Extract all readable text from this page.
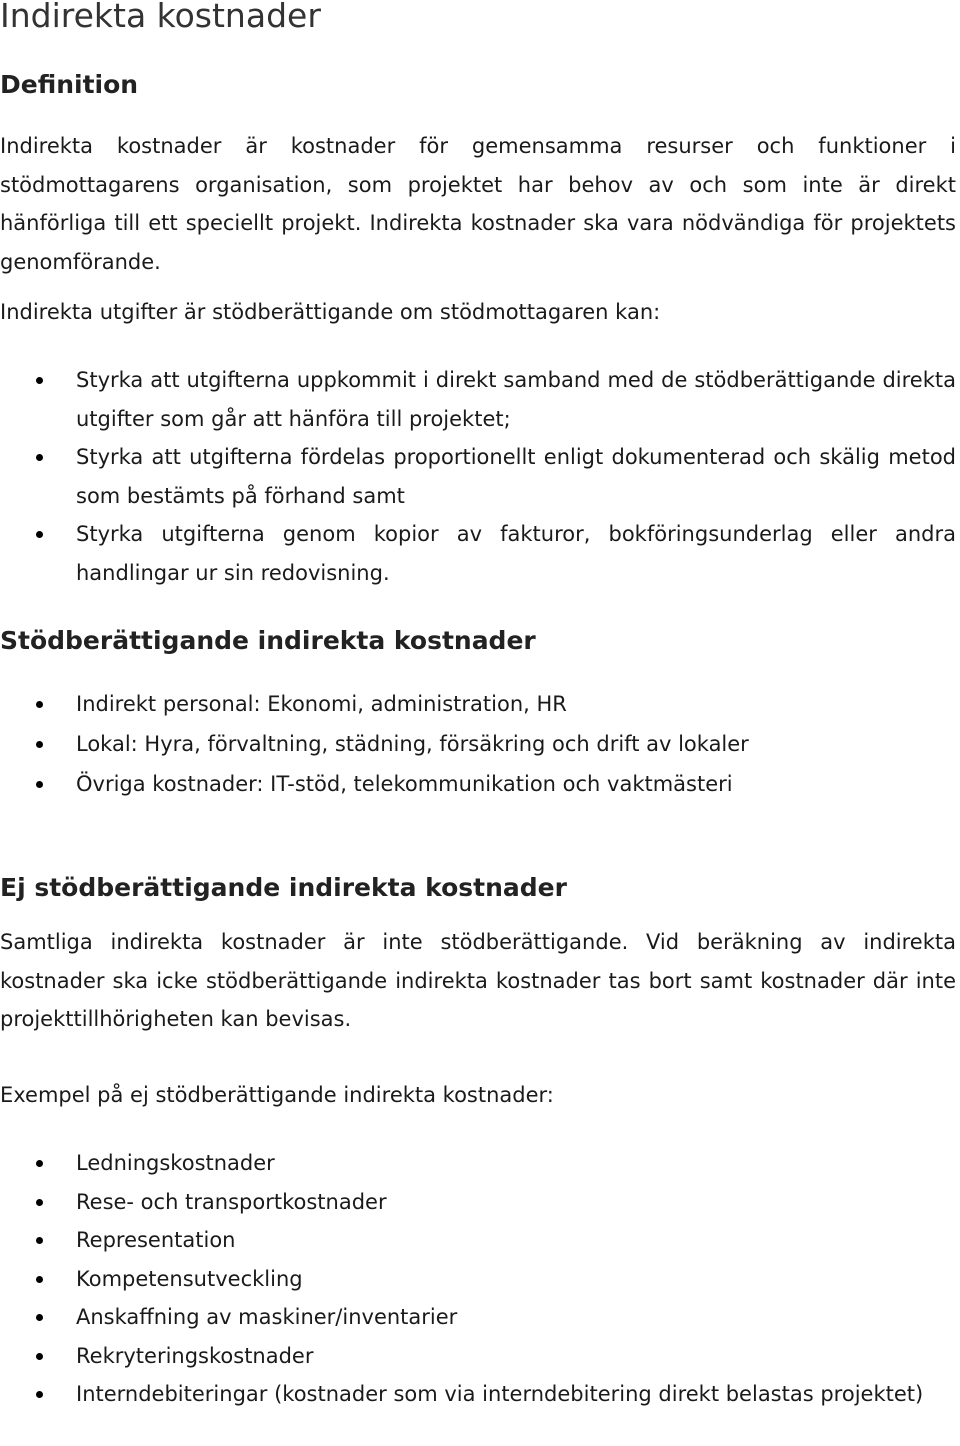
Indirekta kostnader
Definition

Indirekta kostnader är kostnader för gemensamma resurser och funktioner i stödmottagarens organisation, som projektet har behov av och som inte är direkt hänförliga till ett speciellt projekt. Indirekta kostnader ska vara nödvändiga för projektets genomförande.

Indirekta utgifter är stödberättigande om stödmottagaren kan:

Styrka att utgifterna uppkommit i direkt samband med de stödberättigande direkta utgifter som går att hänföra till projektet;
Styrka att utgifterna fördelas proportionellt enligt dokumenterad och skälig metod som bestämts på förhand samt
Styrka utgifterna genom kopior av fakturor, bokföringsunderlag eller andra handlingar ur sin redovisning.
Stödberättigande indirekta kostnader
Indirekt personal: Ekonomi, administration, HR
Lokal: Hyra, förvaltning, städning, försäkring och drift av lokaler
Övriga kostnader: IT-stöd, telekommunikation och vaktmästeri
Ej stödberättigande indirekta kostnader

Samtliga indirekta kostnader är inte stödberättigande. Vid beräkning av indirekta kostnader ska icke stödberättigande indirekta kostnader tas bort samt kostnader där inte projekttillhörigheten kan bevisas.

Exempel på ej stödberättigande indirekta kostnader:

Ledningskostnader
Rese- och transportkostnader
Representation
Kompetensutveckling
Anskaffning av maskiner/inventarier
Rekryteringskostnader
Interndebiteringar (kostnader som via interndebitering direkt belastas projektet)
